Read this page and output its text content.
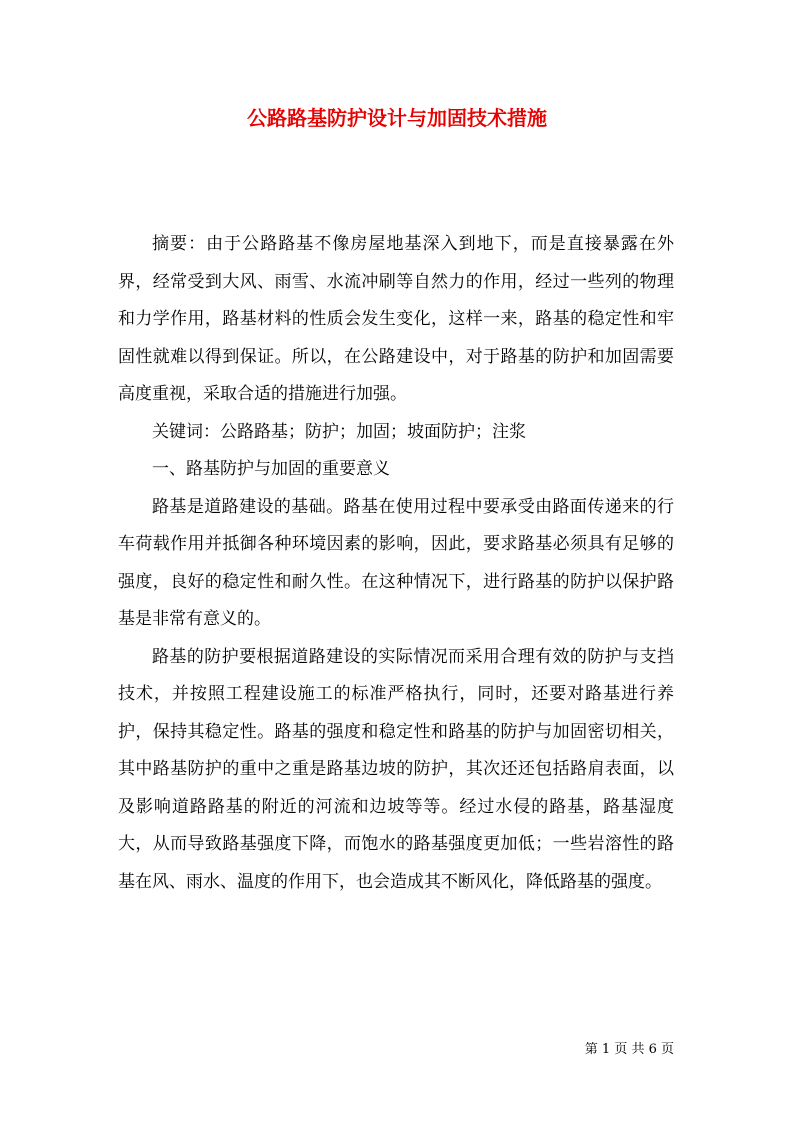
公路路基防护设计与加固技术措施

摘要：由于公路路基不像房屋地基深入到地下，而是直接暴露在外界，经常受到大风、雨雪、水流冲刷等自然力的作用，经过一些列的物理和力学作用，路基材料的性质会发生变化，这样一来，路基的稳定性和牢固性就难以得到保证。所以，在公路建设中，对于路基的防护和加固需要高度重视，采取合适的措施进行加强。

关键词：公路路基；防护；加固；坡面防护；注浆

一、路基防护与加固的重要意义

路基是道路建设的基础。路基在使用过程中要承受由路面传递来的行车荷载作用并抵御各种环境因素的影响，因此，要求路基必须具有足够的强度，良好的稳定性和耐久性。在这种情况下，进行路基的防护以保护路基是非常有意义的。

路基的防护要根据道路建设的实际情况而采用合理有效的防护与支挡技术，并按照工程建设施工的标准严格执行，同时，还要对路基进行养护，保持其稳定性。路基的强度和稳定性和路基的防护与加固密切相关，其中路基防护的重中之重是路基边坡的防护，其次还还包括路肩表面，以及影响道路路基的附近的河流和边坡等等。经过水侵的路基，路基湿度大，从而导致路基强度下降，而饱水的路基强度更加低；一些岩溶性的路基在风、雨水、温度的作用下，也会造成其不断风化，降低路基的强度。

第 1 页 共 6 页
